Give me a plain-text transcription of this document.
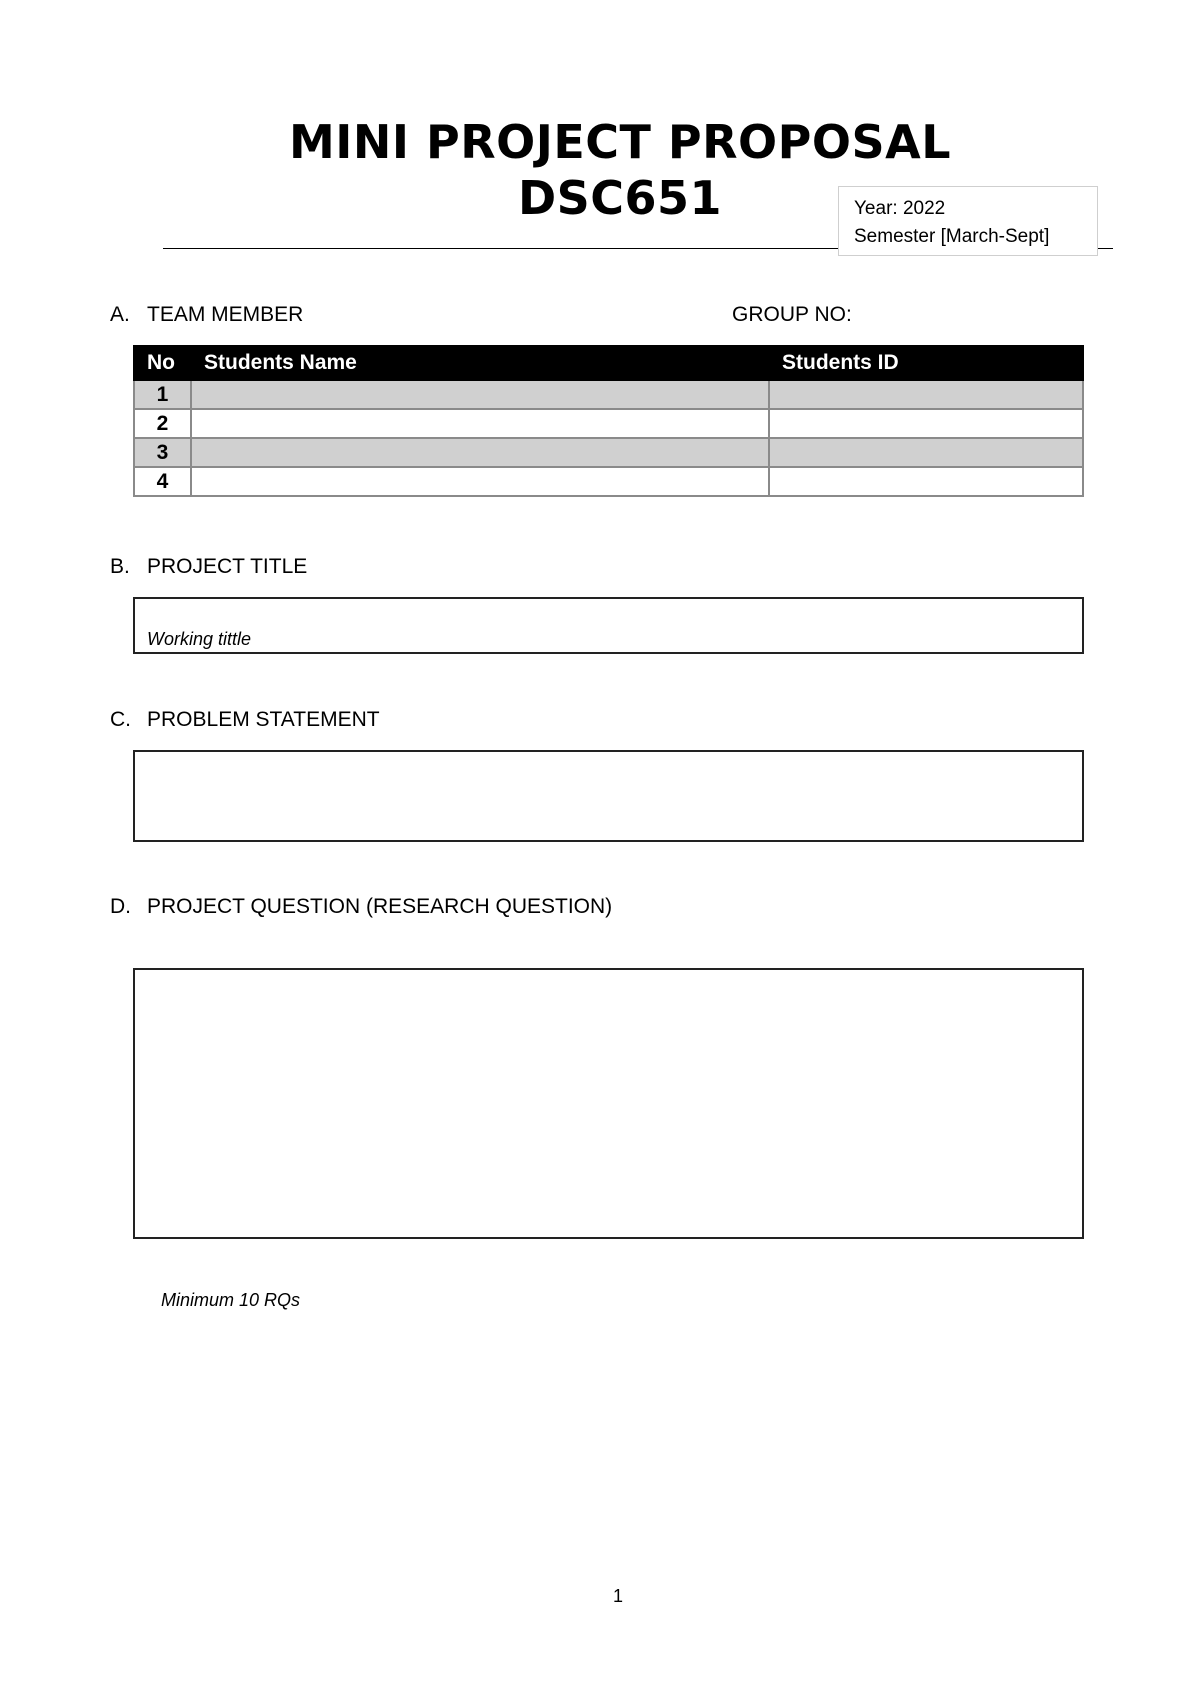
MINI PROJECT PROPOSAL
DSC651	Year: 2022
Semester [March-Sept]
A. TEAM MEMBER	GROUP NO:
No	Students Name	Students ID
1		
2		
3		
4		
B. PROJECT TITLE
Working tittle
C. PROBLEM STATEMENT
D. PROJECT QUESTION (RESEARCH QUESTION)
Minimum 10 RQs
1
